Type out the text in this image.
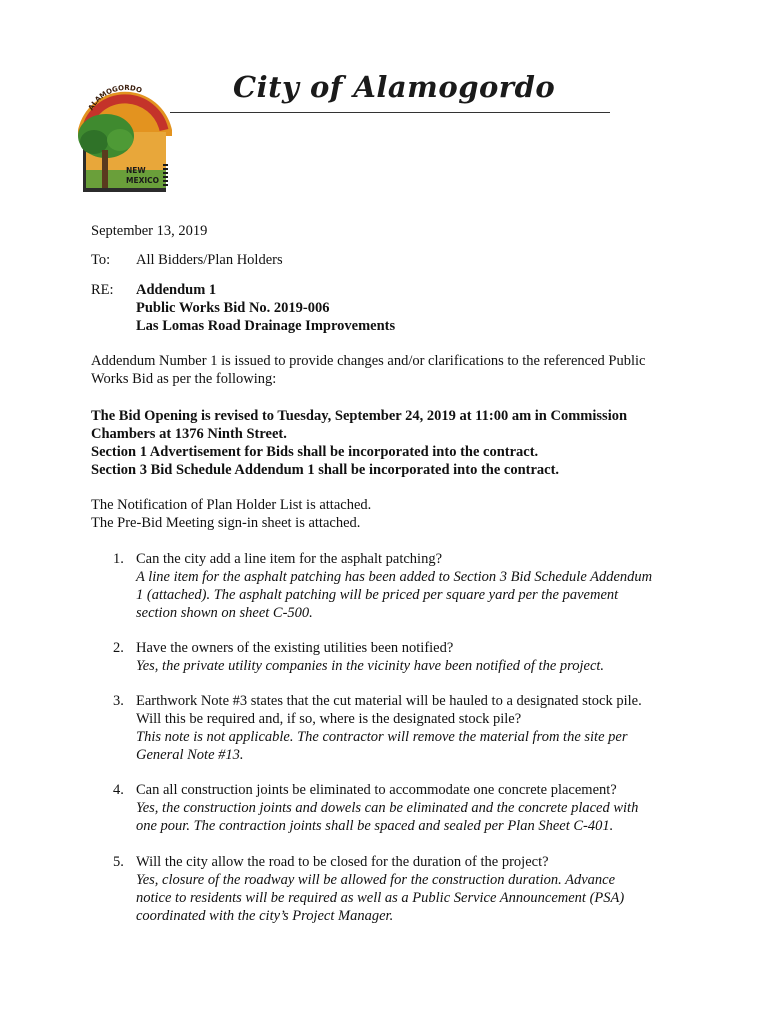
ALAMOGORDO
NEW
MEXICO
City of Alamogordo
September 13, 2019
To: All Bidders/Plan Holders
RE: Addendum 1
Public Works Bid No. 2019-006
Las Lomas Road Drainage Improvements
Addendum Number 1 is issued to provide changes and/or clarifications to the referenced Public Works Bid as per the following:
The Bid Opening is revised to Tuesday, September 24, 2019 at 11:00 am in Commission
Chambers at 1376 Ninth Street.
Section 1 Advertisement for Bids shall be incorporated into the contract.
Section 3 Bid Schedule Addendum 1 shall be incorporated into the contract.
The Notification of Plan Holder List is attached.
The Pre-Bid Meeting sign-in sheet is attached.
1. Can the city add a line item for the asphalt patching?
A line item for the asphalt patching has been added to Section 3 Bid Schedule Addendum
1 (attached). The asphalt patching will be priced per square yard per the pavement
section shown on sheet C-500.
2. Have the owners of the existing utilities been notified?
Yes, the private utility companies in the vicinity have been notified of the project.
3. Earthwork Note #3 states that the cut material will be hauled to a designated stock pile.
Will this be required and, if so, where is the designated stock pile?
This note is not applicable. The contractor will remove the material from the site per
General Note #13.
4. Can all construction joints be eliminated to accommodate one concrete placement?
Yes, the construction joints and dowels can be eliminated and the concrete placed with
one pour. The contraction joints shall be spaced and sealed per Plan Sheet C-401.
5. Will the city allow the road to be closed for the duration of the project?
Yes, closure of the roadway will be allowed for the construction duration. Advance
notice to residents will be required as well as a Public Service Announcement (PSA)
coordinated with the city’s Project Manager.
